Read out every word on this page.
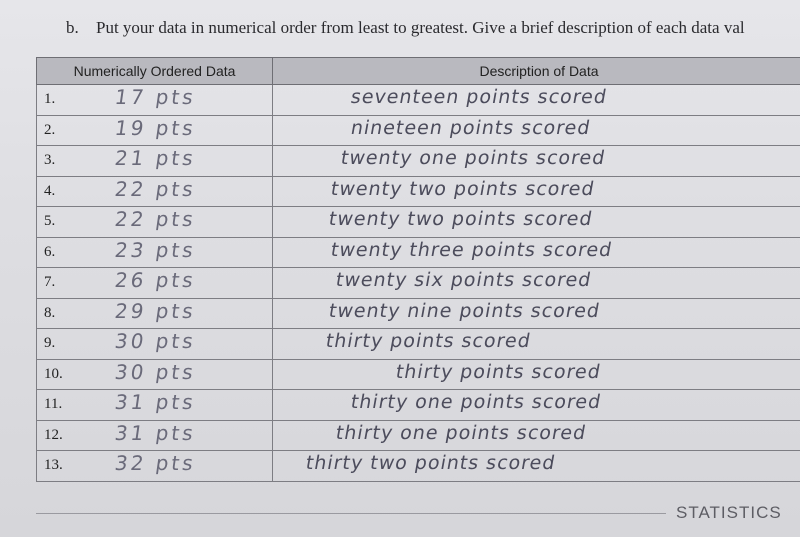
b. Put your data in numerical order from least to greatest. Give a brief description of each data val
Numerically Ordered Data	Description of Data

1. 17 pts	seventeen points scored

2. 19 pts	nineteen points scored

3. 21 pts	twenty one points scored

4. 22 pts	twenty two points scored

5. 22 pts	twenty two points scored

6. 23 pts	twenty three points scored

7. 26 pts	twenty six points scored

8. 29 pts	twenty nine points scored

9. 30 pts	thirty points scored

10. 30 pts	thirty points scored

11. 31 pts	thirty one points scored

12. 31 pts	thirty one points scored

13. 32 pts	thirty two points scored
STATISTICS
